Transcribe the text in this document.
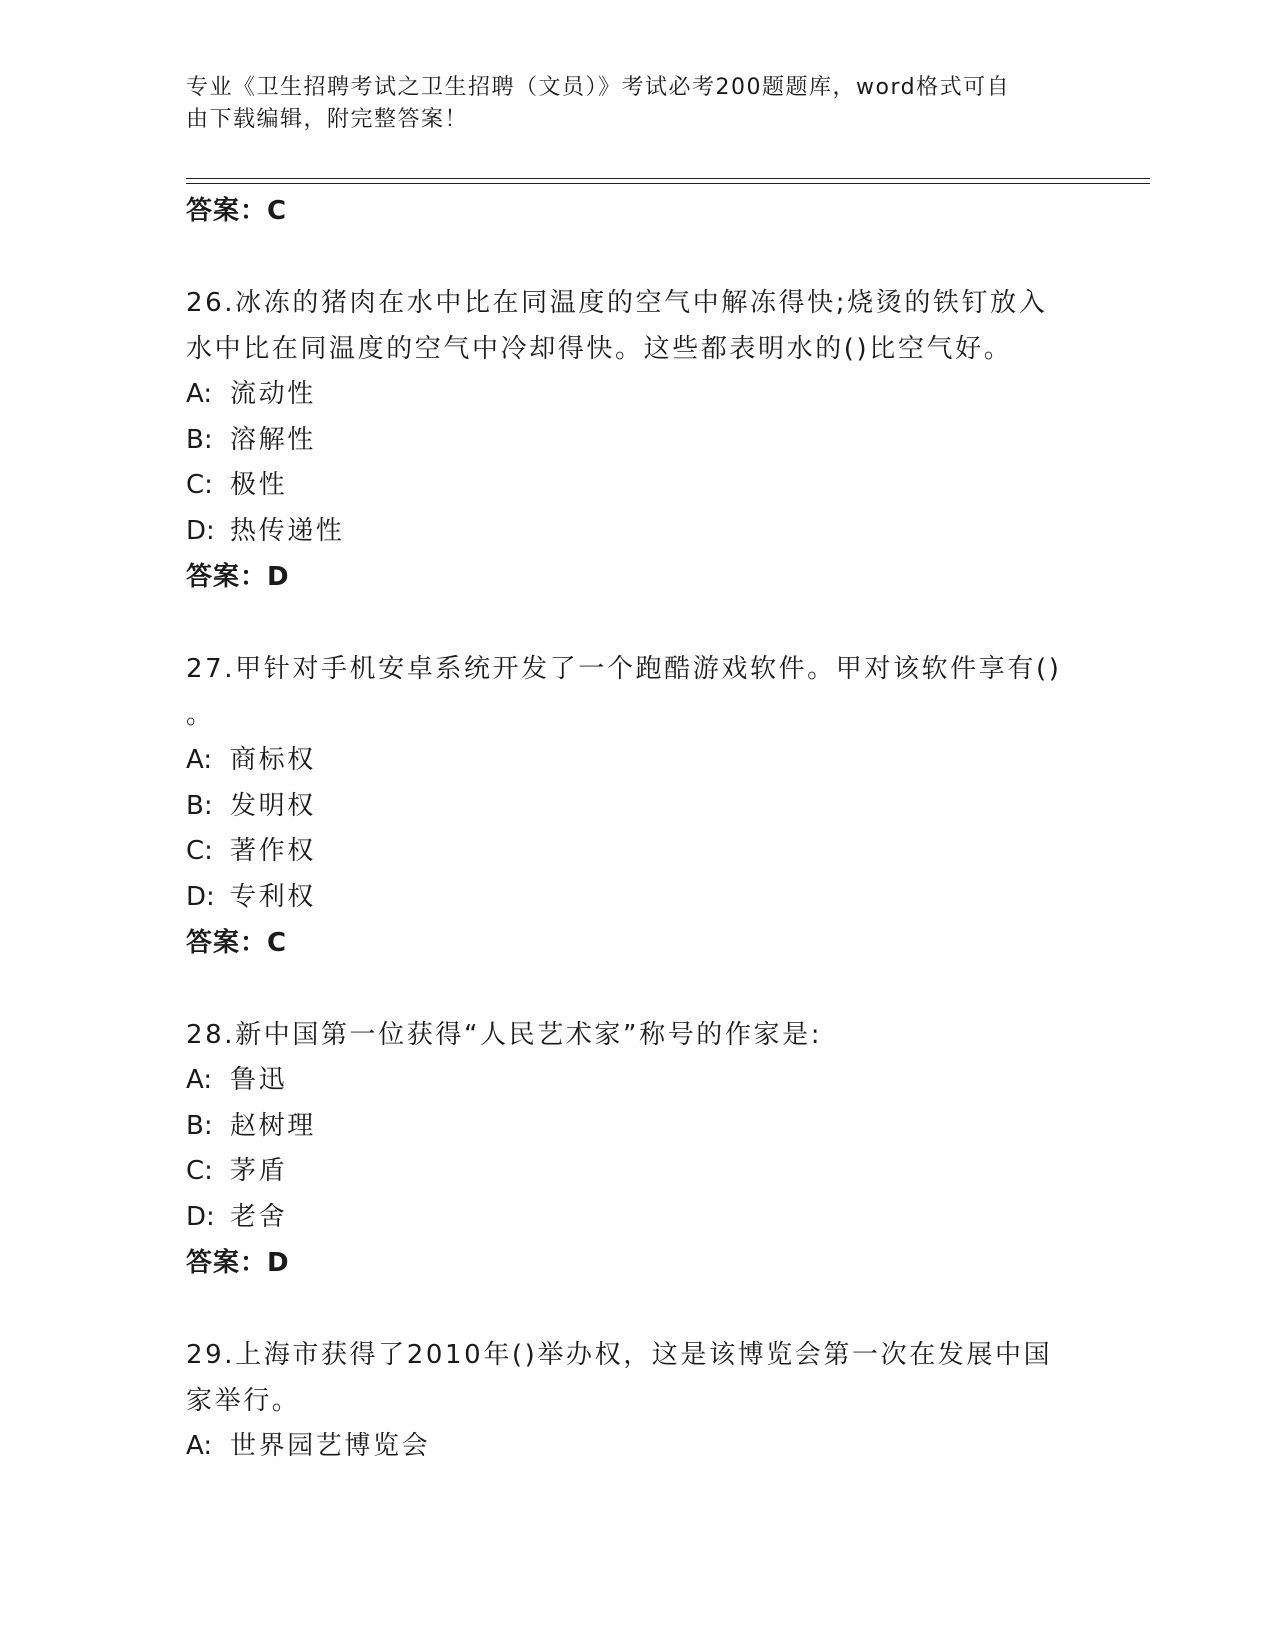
专业《卫生招聘考试之卫生招聘（文员）》考试必考200题题库，word格式可自
由下载编辑，附完整答案！
答案：C
26.冰冻的猪肉在水中比在同温度的空气中解冻得快;烧烫的铁钉放入
水中比在同温度的空气中冷却得快。这些都表明水的()比空气好。
A: 流动性
B: 溶解性
C: 极性
D: 热传递性
答案：D
27.甲针对手机安卓系统开发了一个跑酷游戏软件。甲对该软件享有()
。
A: 商标权
B: 发明权
C: 著作权
D: 专利权
答案：C
28.新中国第一位获得“人民艺术家”称号的作家是:
A: 鲁迅
B: 赵树理
C: 茅盾
D: 老舍
答案：D
29.上海市获得了2010年()举办权，这是该博览会第一次在发展中国
家举行。
A: 世界园艺博览会
